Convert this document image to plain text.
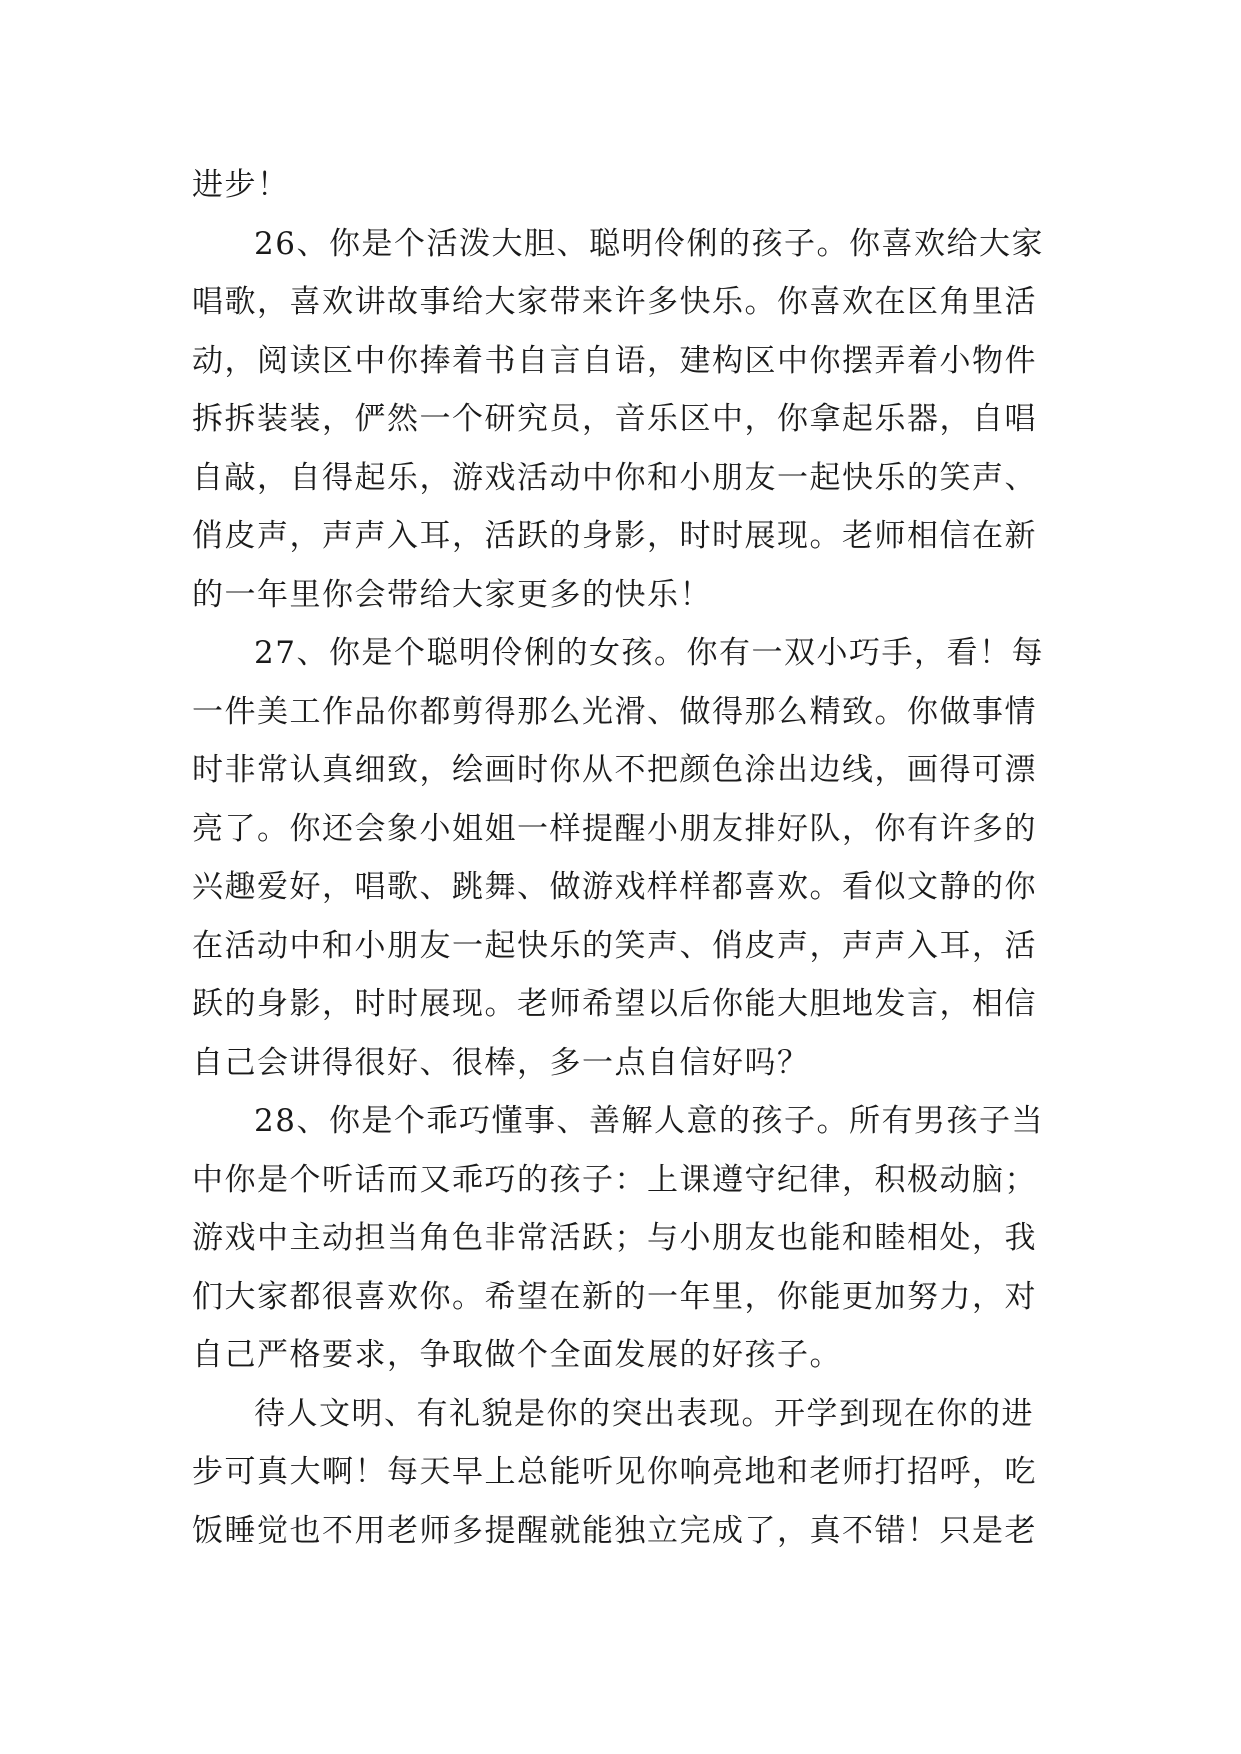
进步！
26、你是个活泼大胆、聪明伶俐的孩子。你喜欢给大家
唱歌，喜欢讲故事给大家带来许多快乐。你喜欢在区角里活
动，阅读区中你捧着书自言自语，建构区中你摆弄着小物件
拆拆装装，俨然一个研究员，音乐区中，你拿起乐器，自唱
自敲，自得起乐，游戏活动中你和小朋友一起快乐的笑声、
俏皮声，声声入耳，活跃的身影，时时展现。老师相信在新
的一年里你会带给大家更多的快乐！
27、你是个聪明伶俐的女孩。你有一双小巧手，看！每
一件美工作品你都剪得那么光滑、做得那么精致。你做事情
时非常认真细致，绘画时你从不把颜色涂出边线，画得可漂
亮了。你还会象小姐姐一样提醒小朋友排好队，你有许多的
兴趣爱好，唱歌、跳舞、做游戏样样都喜欢。看似文静的你
在活动中和小朋友一起快乐的笑声、俏皮声，声声入耳，活
跃的身影，时时展现。老师希望以后你能大胆地发言，相信
自己会讲得很好、很棒，多一点自信好吗？
28、你是个乖巧懂事、善解人意的孩子。所有男孩子当
中你是个听话而又乖巧的孩子：上课遵守纪律，积极动脑；
游戏中主动担当角色非常活跃；与小朋友也能和睦相处，我
们大家都很喜欢你。希望在新的一年里，你能更加努力，对
自己严格要求，争取做个全面发展的好孩子。
待人文明、有礼貌是你的突出表现。开学到现在你的进
步可真大啊！每天早上总能听见你响亮地和老师打招呼，吃
饭睡觉也不用老师多提醒就能独立完成了，真不错！只是老
